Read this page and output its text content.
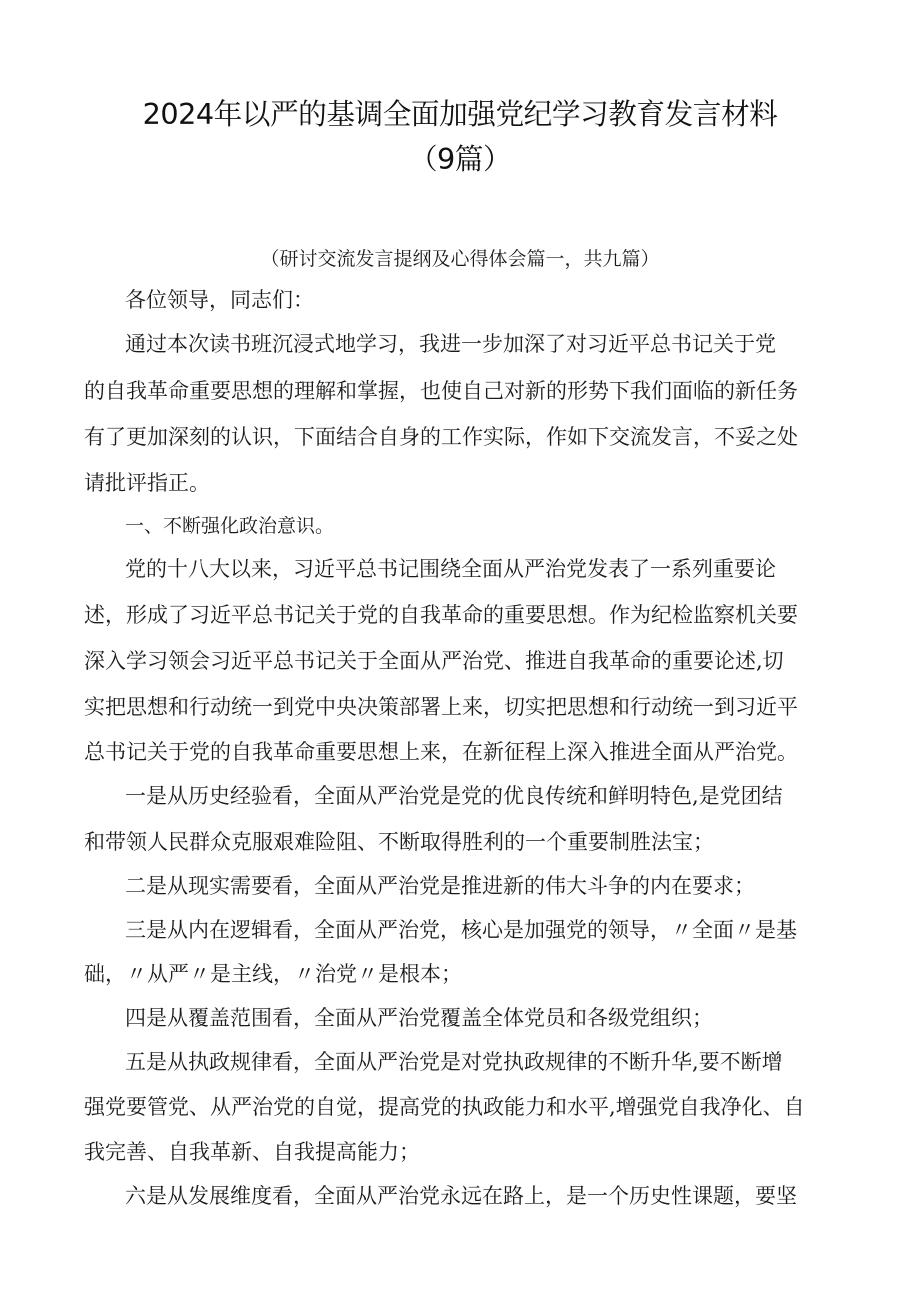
2024年以严的基调全面加强党纪学习教育发言材料
（9篇）
（研讨交流发言提纲及心得体会篇一，共九篇）
各位领导，同志们：
通过本次读书班沉浸式地学习，我进一步加深了对习近平总书记关于党
的自我革命重要思想的理解和掌握，也使自己对新的形势下我们面临的新任务
有了更加深刻的认识，下面结合自身的工作实际，作如下交流发言，不妥之处
请批评指正。
一、不断强化政治意识。
党的十八大以来，习近平总书记围绕全面从严治党发表了一系列重要论
述，形成了习近平总书记关于党的自我革命的重要思想。作为纪检监察机关要
深入学习领会习近平总书记关于全面从严治党、推进自我革命的重要论述,切
实把思想和行动统一到党中央决策部署上来，切实把思想和行动统一到习近平
总书记关于党的自我革命重要思想上来，在新征程上深入推进全面从严治党。
一是从历史经验看，全面从严治党是党的优良传统和鲜明特色,是党团结
和带领人民群众克服艰难险阻、不断取得胜利的一个重要制胜法宝；
二是从现实需要看，全面从严治党是推进新的伟大斗争的内在要求；
三是从内在逻辑看，全面从严治党，核心是加强党的领导，〃全面〃是基
础，〃从严〃是主线，〃治党〃是根本；
四是从覆盖范围看，全面从严治党覆盖全体党员和各级党组织；
五是从执政规律看，全面从严治党是对党执政规律的不断升华,要不断增
强党要管党、从严治党的自觉，提高党的执政能力和水平,增强党自我净化、自
我完善、自我革新、自我提高能力；
六是从发展维度看，全面从严治党永远在路上，是一个历史性课题，要坚
